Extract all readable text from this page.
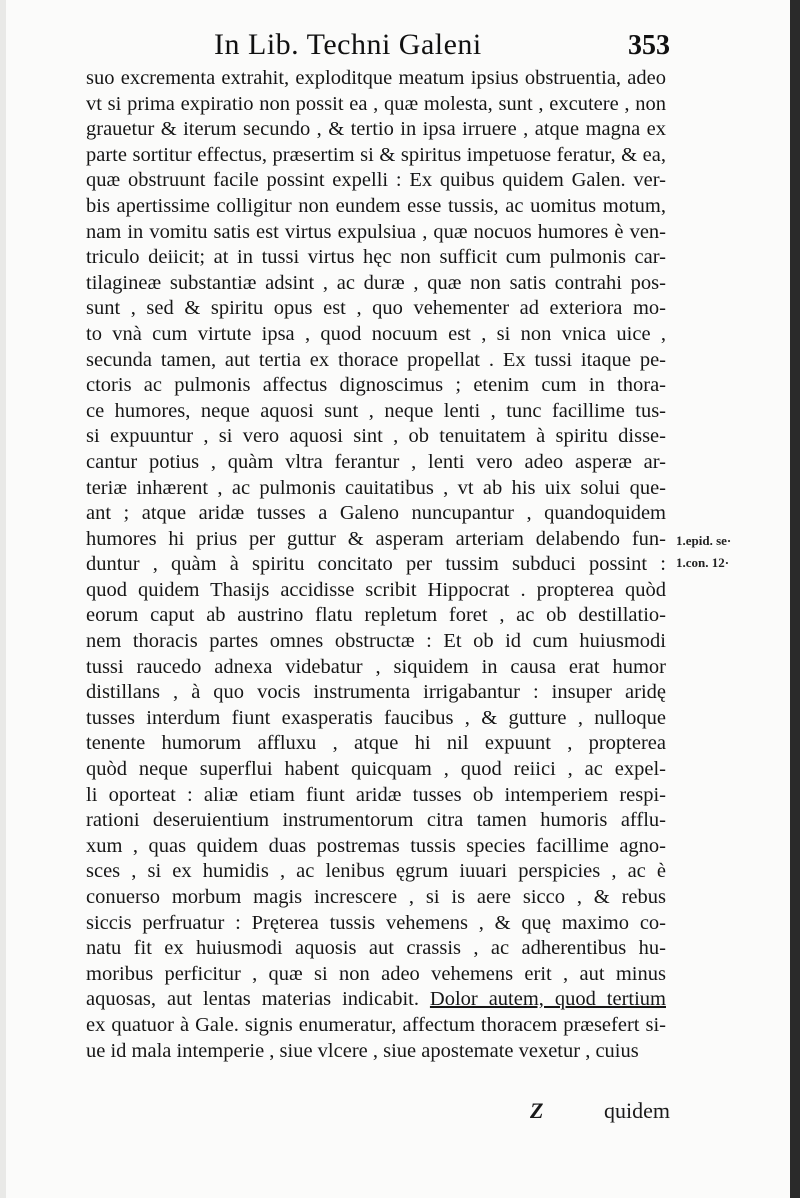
In Lib. Techni Galeni	353
suo excrementa extrahit, exploditque meatum ipsius obstruentia, adeo
vt si prima expiratio non possit ea , quæ molesta, sunt , excutere , non
grauetur & iterum secundo , & tertio in ipsa irruere , atque magna ex
parte sortitur effectus, præsertim si & spiritus impetuose feratur, & ea,
quæ obstruunt facile possint expelli : Ex quibus quidem Galen. ver-
bis apertissime colligitur non eundem esse tussis, ac uomitus motum,
nam in vomitu satis est virtus expulsiua , quæ nocuos humores è ven-
triculo deiicit; at in tussi virtus hęc non sufficit cum pulmonis car-
tilagineæ substantiæ adsint , ac duræ , quæ non satis contrahi pos-
sunt , sed & spiritu opus est , quo vehementer ad exteriora mo-
to vnà cum virtute ipsa , quod nocuum est , si non vnica uice ,
secunda tamen, aut tertia ex thorace propellat . Ex tussi itaque pe-
ctoris ac pulmonis affectus dignoscimus ; etenim cum in thora-
ce humores, neque aquosi sunt , neque lenti , tunc facillime tus-
si expuuntur , si vero aquosi sint , ob tenuitatem à spiritu disse-
cantur potius , quàm vltra ferantur , lenti vero adeo asperæ ar-
teriæ inhærent , ac pulmonis cauitatibus , vt ab his uix solui que-
ant ; atque aridæ tusses a Galeno nuncupantur , quandoquidem
humores hi prius per guttur & asperam arteriam delabendo fun-
duntur , quàm à spiritu concitato per tussim subduci possint :
quod quidem Thasijs accidisse scribit Hippocrat . propterea quòd
eorum caput ab austrino flatu repletum foret , ac ob destillatio-
nem thoracis partes omnes obstructæ : Et ob id cum huiusmodi
tussi raucedo adnexa videbatur , siquidem in causa erat humor
distillans , à quo vocis instrumenta irrigabantur : insuper aridę
tusses interdum fiunt exasperatis faucibus , & gutture , nulloque
tenente humorum affluxu , atque hi nil expuunt , propterea
quòd neque superflui habent quicquam , quod reiici , ac expel-
li oporteat : aliæ etiam fiunt aridæ tusses ob intemperiem respi-
rationi deseruientium instrumentorum citra tamen humoris afflu-
xum , quas quidem duas postremas tussis species facillime agno-
sces , si ex humidis , ac lenibus ęgrum iuuari perspicies , ac è
conuerso morbum magis increscere , si is aere sicco , & rebus
siccis perfruatur : Pręterea tussis vehemens , & quę maximo co-
natu fit ex huiusmodi aquosis aut crassis , ac adherentibus hu-
moribus perficitur , quæ si non adeo vehemens erit , aut minus
aquosas, aut lentas materias indicabit. Dolor autem, quod tertium
ex quatuor à Gale. signis enumeratur, affectum thoracem præsefert si-
ue id mala intemperie , siue vlcere , siue apostemate vexetur , cuius
1.epid. se·
1.con. 12·
Z	quidem
